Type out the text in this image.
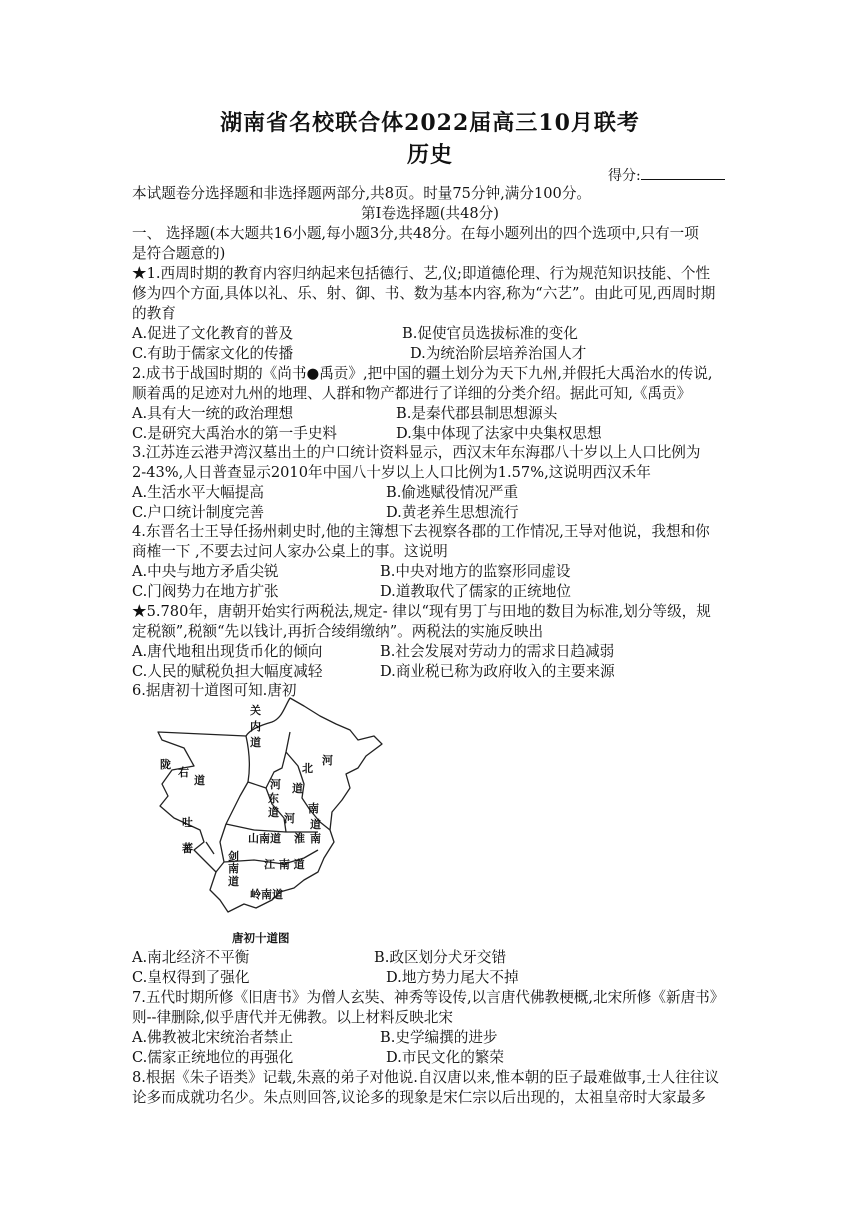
湖南省名校联合体2022届高三10月联考
历史
得分:
本试题卷分选择题和非选择题两部分,共8页。时量75分钟,满分100分。
第I卷选择题(共48分)
一、 选择题(本大题共16小题,每小题3分,共48分。在每小题列出的四个选项中,只有一项
是符合题意的)
★1.西周时期的教育内容归纳起来包括德行、艺,仪;即道德伦理、行为规范知识技能、个性
修为四个方面,具体以礼、乐、射、御、书、数为基本内容,称为“六艺”。由此可见,西周时期
的教育
A.促进了文化教育的普及	B.促使官员选拔标准的变化
C.有助于儒家文化的传播	D.为统治阶层培养治国人才
2.成书于战国时期的《尚书●禹贡》,把中国的疆土划分为天下九州,并假托大禹治水的传说,
顺着禹的足迹对九州的地理、人群和物产都进行了详细的分类介绍。据此可知,《禹贡》
A.具有大一统的政治理想	B.是秦代郡县制思想源头
C.是研究大禹治水的第一手史料	D.集中体现了法家中央集权思想
3.江苏连云港尹湾汉墓出土的户口统计资料显示，西汉末年东海郡八十岁以上人口比例为
2-43%,人日普查显示2010年中国八十岁以上人口比例为1.57%,这说明西汉禾年
A.生活水平大幅提高	B.偷逃赋役情况严重
C.户口统计制度完善	D.黄老养生思想流行
4.东晋名士王导任扬州刺史时,他的主簿想下去视察各郡的工作情况,王导对他说，我想和你
商榷一下 ,不要去过问人家办公桌上的事。这说明
A.中央与地方矛盾尖锐	B.中央对地方的监察形同虚设
C.门阀势力在地方扩张	D.道教取代了儒家的正统地位
★5.780年，唐朝开始实行两税法,规定- 律以“现有男丁与田地的数目为标准,划分等级，规
定税额”,税额“先以钱计,再折合绫绢缴纳”。两税法的实施反映出
A.唐代地租出现货币化的倾向	B.社会发展对劳动力的需求日趋减弱
C.人民的赋税负担大幅度减轻	D.商业税已称为政府收入的主要来源
6.据唐初十道图可知.唐初
关
内
道
陇
右
道
吐
蕃
北
河
河
东
道
道
河
南
道
山南道 淮 南
剑
南
道
江 南 道
岭南道
唐初十道图
A.南北经济不平衡	B.政区划分犬牙交错
C.皇权得到了强化	D.地方势力尾大不掉
7.五代时期所修《旧唐书》为僧人玄奘、神秀等设传,以言唐代佛教梗概,北宋所修《新唐书》
则--律删除,似乎唐代并无佛教。以上材料反映北宋
A.佛教被北宋统治者禁止	B.史学编撰的进步
C.儒家正统地位的再强化	D.市民文化的繁荣
8.根据《朱子语类》记载,朱熹的弟子对他说.自汉唐以来,惟本朝的臣子最难做事,士人往往议
论多而成就功名少。朱点则回答,议论多的现象是宋仁宗以后出现的，太祖皇帝时大家最多
